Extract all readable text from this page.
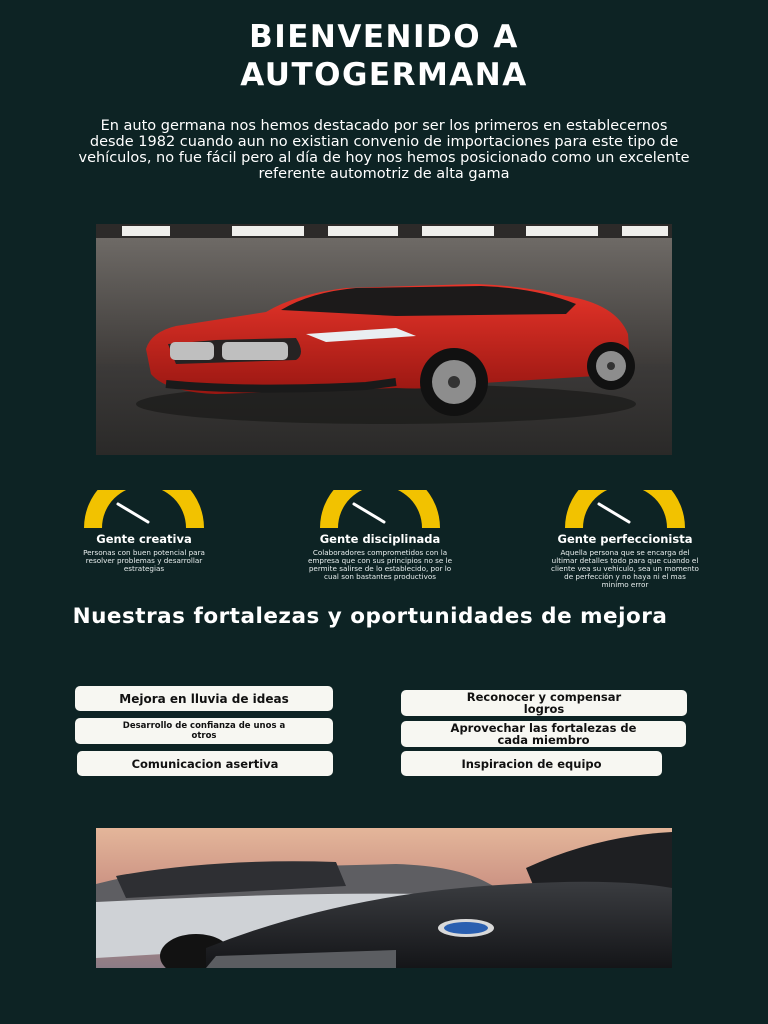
BIENVENIDO A
AUTOGERMANA

En auto germana nos hemos destacado por ser los primeros en establecernos desde 1982 cuando aun no existian convenio de importaciones para este tipo de vehículos, no fue fácil pero al día de hoy nos hemos posicionado como un excelente referente automotriz de alta gama

Gente creativa
Personas con buen potencial para resolver problemas y desarrollar estrategias
Gente disciplinada
Colaboradores comprometidos con la empresa que con sus principios no se le permite salirse de lo establecido, por lo cual son bastantes productivos
Gente perfeccionista
Aquella persona que se encarga del ultimar detalles todo para que cuando el cliente vea su vehiculo, sea un momento de perfección y no haya ni el mas minimo error
Nuestras fortalezas y oportunidades de mejora
Mejora en lluvia de ideas
Desarrollo de confianza de unos a otros
Comunicacion asertiva
Reconocer y compensar logros
Aprovechar las fortalezas de cada miembro
Inspiracion de equipo
